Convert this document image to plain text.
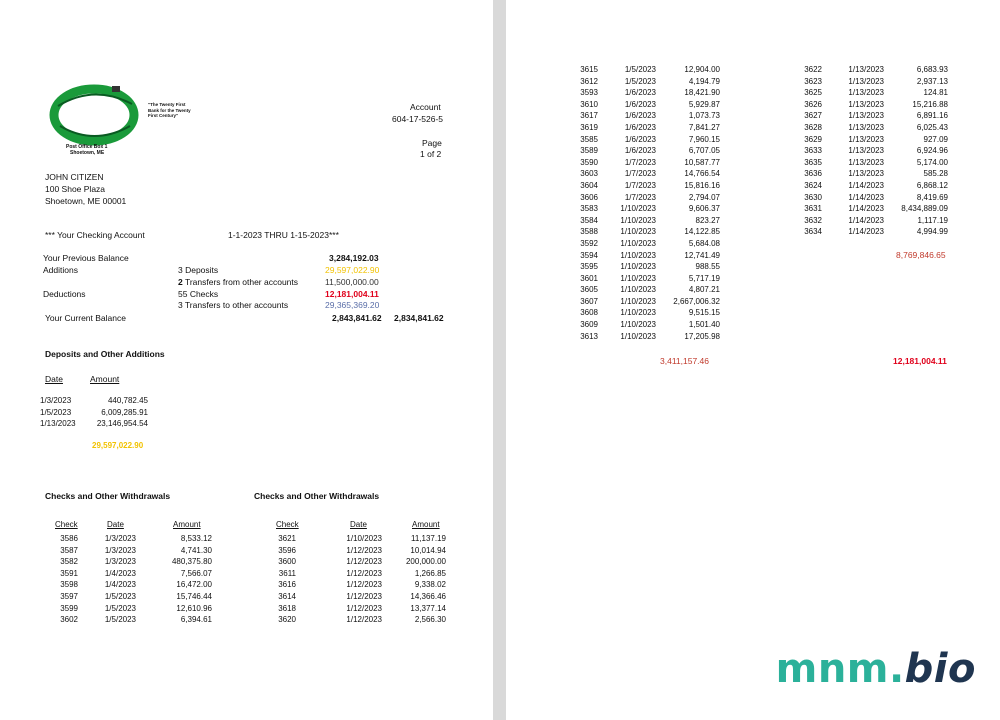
"The Twenty First Bank for the Twenty First Century"
Post Office Box 1
Shoetown, ME
Account
604-17-526-5
Page
1 of 2
JOHN CITIZEN
100 Shoe Plaza
Shoetown, ME 00001
*** Your Checking Account	1-1-2023 THRU 1-15-2023***
Your Previous Balance	3,284,192.03
Additions	3 Deposits	29,597,022.90
2 Transfers from other accounts	11,500,000.00
Deductions	55 Checks	12,181,004.11
3 Transfers to other accounts	29,365,369.20
Your Current Balance	2,843,841.62 2,834,841.62
Deposits and Other Additions
Date	Amount
1/3/2023	440,782.45
1/5/2023	6,009,285.91
1/13/2023	23,146,954.54
29,597,022.90
Checks and Other Withdrawals	Checks and Other Withdrawals
Check	Date	Amount	Check	Date	Amount
3586	1/3/2023	8,533.12
3587	1/3/2023	4,741.30
3582	1/3/2023	480,375.80
3591	1/4/2023	7,566.07
3598	1/4/2023	16,472.00
3597	1/5/2023	15,746.44
3599	1/5/2023	12,610.96
3602	1/5/2023	6,394.61
3621	1/10/2023	11,137.19
3596	1/12/2023	10,014.94
3600	1/12/2023	200,000.00
3611	1/12/2023	1,266.85
3616	1/12/2023	9,338.02
3614	1/12/2023	14,366.46
3618	1/12/2023	13,377.14
3620	1/12/2023	2,566.30
3615	1/5/2023	12,904.00
3612	1/5/2023	4,194.79
3593	1/6/2023	18,421.90
3610	1/6/2023	5,929.87
3617	1/6/2023	1,073.73
3619	1/6/2023	7,841.27
3585	1/6/2023	7,960.15
3589	1/6/2023	6,707.05
3590	1/7/2023	10,587.77
3603	1/7/2023	14,766.54
3604	1/7/2023	15,816.16
3606	1/7/2023	2,794.07
3583	1/10/2023	9,606.37
3584	1/10/2023	823.27
3588	1/10/2023	14,122.85
3592	1/10/2023	5,684.08
3594	1/10/2023	12,741.49
3595	1/10/2023	988.55
3601	1/10/2023	5,717.19
3605	1/10/2023	4,807.21
3607	1/10/2023	2,667,006.32
3608	1/10/2023	9,515.15
3609	1/10/2023	1,501.40
3613	1/10/2023	17,205.98
3,411,157.46
3622	1/13/2023	6,683.93
3623	1/13/2023	2,937.13
3625	1/13/2023	124.81
3626	1/13/2023	15,216.88
3627	1/13/2023	6,891.16
3628	1/13/2023	6,025.43
3629	1/13/2023	927.09
3633	1/13/2023	6,924.96
3635	1/13/2023	5,174.00
3636	1/13/2023	585.28
3624	1/14/2023	6,868.12
3630	1/14/2023	8,419.69
3631	1/14/2023	8,434,889.09
3632	1/14/2023	1,117.19
3634	1/14/2023	4,994.99
8,769,846.65
12,181,004.11
mnm.bio
